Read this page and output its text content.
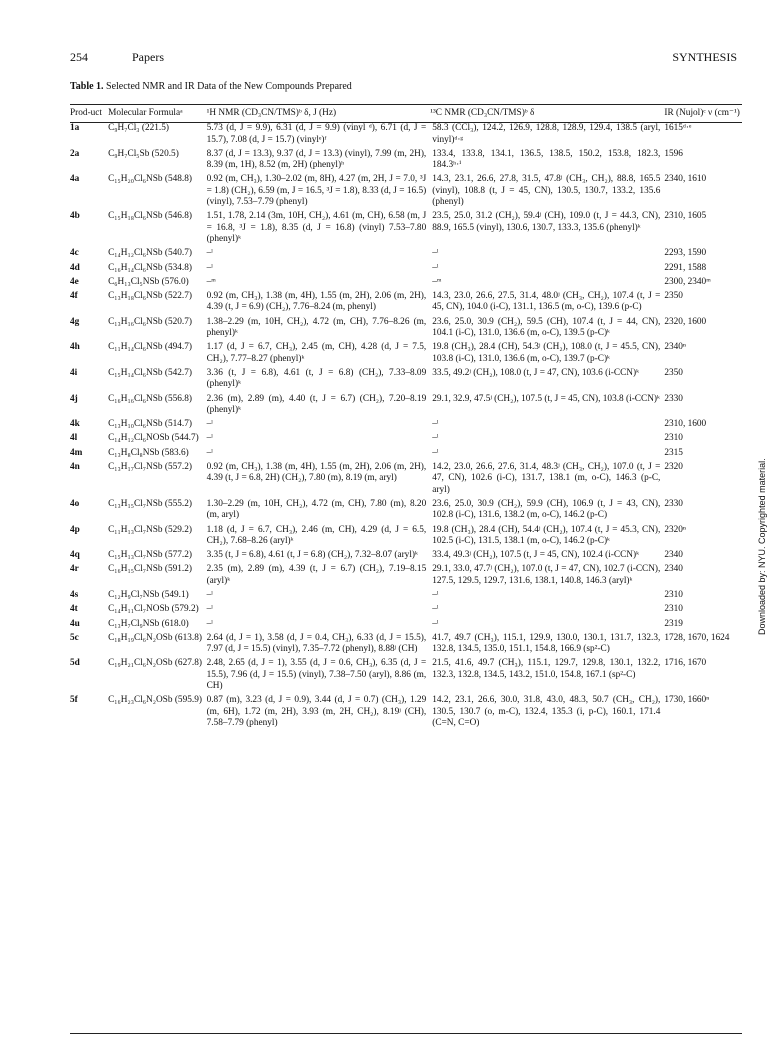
254	Papers	SYNTHESIS
Table 1. Selected NMR and IR Data of the New Compounds Prepared
Prod-uct	Molecular Formulaᵃ	¹H NMR (CD₃CN/TMS)ᵇ δ, J (Hz)	¹³C NMR (CD₃CN/TMS)ᵇ δ	IR (Nujol)ᶜ ν (cm⁻¹)
1a	C₉H₇Cl₃ (221.5)	5.73 (d, J = 9.9), 6.31 (d, J = 9.9) (vinyl ᵈ), 6.71 (d, J = 15.7), 7.08 (d, J = 15.7) (vinylᵉ)ᶠ	58.3 (CCl₃), 124.2, 126.9, 128.8, 128.9, 129.4, 138.5 (aryl, vinyl)ᵈ·ᵍ	1615ᵈ·ᵉ
2a	C₉H₇Cl₅Sb (520.5)	8.37 (d, J = 13.3), 9.37 (d, J = 13.3) (vinyl), 7.99 (m, 2H), 8.39 (m, 1H), 8.52 (m, 2H) (phenyl)ʰ	133.4, 133.8, 134.1, 136.5, 138.5, 150.2, 153.8, 182.3, 184.3ʰ·ⁱ	1596
4a	C₁₅H₂₀Cl₆NSb (548.8)	0.92 (m, CH₃), 1.30–2.02 (m, 8H), 4.27 (m, 2H, J = 7.0, ³J = 1.8) (CH₂), 6.59 (m, J = 16.5, ³J = 1.8), 8.33 (d, J = 16.5)(vinyl), 7.53–7.79 (phenyl)	14.3, 23.1, 26.6, 27.8, 31.5, 47.8ʲ (CH₃, CH₂), 88.8, 165.5 (vinyl), 108.8 (t, J = 45, CN), 130.5, 130.7, 133.2, 135.6 (phenyl)	2340, 1610
4b	C₁₅H₁₈Cl₆NSb (546.8)	1.51, 1.78, 2.14 (3m, 10H, CH₂), 4.61 (m, CH), 6.58 (m, J = 16.8, ³J = 1.8), 8.35 (d, J = 16.8) (vinyl) 7.53–7.80 (phenyl)ᵏ	23.5, 25.0, 31.2 (CH₂), 59.4ʲ (CH), 109.0 (t, J = 44.3, CN), 88.9, 165.5 (vinyl), 130.6, 130.7, 133.3, 135.6 (phenyl)ᵏ	2310, 1605
4c	C₁₄H₁₂Cl₆NSb (540.7)	–ˡ	–ˡ	2293, 1590
4d	C₁₆H₁₄Cl₆NSb (534.8)	–ˡ	–ˡ	2291, 1588
4e	C₆H₁₃Cl₅NSb (576.0)	–ᵐ	–ᵐ	2300, 2340ᵐ
4f	C₁₃H₁₈Cl₆NSb (522.7)	0.92 (m, CH₃), 1.38 (m, 4H), 1.55 (m, 2H), 2.06 (m, 2H), 4.39 (t, J = 6.9) (CH₂), 7.76–8.24 (m, phenyl)	14.3, 23.0, 26.6, 27.5, 31.4, 48.0ʲ (CH₃, CH₂), 107.4 (t, J = 45, CN), 104.0 (i-C), 131.1, 136.5 (m, o-C), 139.6 (p-C)	2350
4g	C₁₃H₁₆Cl₆NSb (520.7)	1.38–2.29 (m, 10H, CH₂), 4.72 (m, CH), 7.76–8.26 (m, phenyl)ᵏ	23.6, 25.0, 30.9 (CH₂), 59.5 (CH), 107.4 (t, J = 44, CN), 104.1 (i-C), 131.0, 136.6 (m, o-C), 139.5 (p-C)ᵏ	2320, 1600
4h	C₁₁H₁₄Cl₆NSb (494.7)	1.17 (d, J = 6.7, CH₃), 2.45 (m, CH), 4.28 (d, J = 7.5, CH₂), 7.77–8.27 (phenyl)ᵏ	19.8 (CH₃), 28.4 (CH), 54.3ʲ (CH₂), 108.0 (t, J = 45.5, CN), 103.8 (i-C), 131.0, 136.6 (m, o-C), 139.7 (p-C)ᵏ	2340ⁿ
4i	C₁₅H₁₄Cl₆NSb (542.7)	3.36 (t, J = 6.8), 4.61 (t, J = 6.8) (CH₂), 7.33–8.09 (phenyl)ᵏ	33.5, 49.2ʲ (CH₂), 108.0 (t, J = 47, CN), 103.6 (i-CCN)ᵏ	2350
4j	C₁₆H₁₆Cl₆NSb (556.8)	2.36 (m), 2.89 (m), 4.40 (t, J = 6.7) (CH₂), 7.20–8.19 (phenyl)ᵏ	29.1, 32.9, 47.5ʲ (CH₂), 107.5 (t, J = 45, CN), 103.8 (i-CCN)ᵏ	2330
4k	C₁₃H₁₀Cl₆NSb (514.7)	–ˡ	–ˡ	2310, 1600
4l	C₁₄H₁₂Cl₆NOSb (544.7)	–ˡ	–ˡ	2310
4m	C₁₃H₈Cl₈NSb (583.6)	–ˡ	–ˡ	2315
4n	C₁₃H₁₇Cl₇NSb (557.2)	0.92 (m, CH₃), 1.38 (m, 4H), 1.55 (m, 2H), 2.06 (m, 2H), 4.39 (t, J = 6.8, 2H) (CH₂), 7.80 (m), 8.19 (m, aryl)	14.2, 23.0, 26.6, 27.6, 31.4, 48.3ʲ (CH₃, CH₂), 107.0 (t, J = 47, CN), 102.6 (i-C), 131.7, 138.1 (m, o-C), 146.3 (p-C, aryl)	2320
4o	C₁₃H₁₅Cl₇NSb (555.2)	1.30–2.29 (m, 10H, CH₂), 4.72 (m, CH), 7.80 (m), 8.20 (m, aryl)	23.6, 25.0, 30.9 (CH₂), 59.9 (CH), 106.9 (t, J = 43, CN), 102.8 (i-C), 131.6, 138.2 (m, o-C), 146.2 (p-C)	2330
4p	C₁₁H₁₃Cl₇NSb (529.2)	1.18 (d, J = 6.7, CH₃), 2.46 (m, CH), 4.29 (d, J = 6.5, CH₂), 7.68–8.26 (aryl)ᵏ	19.8 (CH₃), 28.4 (CH), 54.4ʲ (CH₂), 107.4 (t, J = 45.3, CN), 102.5 (i-C), 131.5, 138.1 (m, o-C), 146.2 (p-C)ᵏ	2320ⁿ
4q	C₁₅H₁₃Cl₇NSb (577.2)	3.35 (t, J = 6.8), 4.61 (t, J = 6.8) (CH₂), 7.32–8.07 (aryl)ᵏ	33.4, 49.3ʲ (CH₂), 107.5 (t, J = 45, CN), 102.4 (i-CCN)ᵏ	2340
4r	C₁₆H₁₅Cl₇NSb (591.2)	2.35 (m), 2.89 (m), 4.39 (t, J = 6.7) (CH₂), 7.19–8.15 (aryl)ᵏ	29.1, 33.0, 47.7ʲ (CH₂), 107.0 (t, J = 47, CN), 102.7 (i-CCN), 127.5, 129.5, 129.7, 131.6, 138.1, 140.8, 146.3 (aryl)ᵏ	2340
4s	C₁₂H₉Cl₇NSb (549.1)	–ˡ	–ˡ	2310
4t	C₁₄H₁₁Cl₇NOSb (579.2)	–ˡ	–ˡ	2310
4u	C₁₃H₇Cl₉NSb (618.0)	–ˡ	–ˡ	2319
5c	C₁₈H₁₉Cl₆N₂OSb (613.8)	2.64 (d, J = 1), 3.58 (d, J = 0.4, CH₃), 6.33 (d, J = 15.5), 7.97 (d, J = 15.5) (vinyl), 7.35–7.72 (phenyl), 8.88ʲ (CH)	41.7, 49.7 (CH₃), 115.1, 129.9, 130.0, 130.1, 131.7, 132.3, 132.8, 134.5, 135.0, 151.1, 154.8, 166.9 (sp²-C)	1728, 1670, 1624
5d	C₁₉H₂₁Cl₆N₂OSb (627.8)	2.48, 2.65 (d, J = 1), 3.55 (d, J = 0.6, CH₃), 6.35 (d, J = 15.5), 7.96 (d, J = 15.5) (vinyl), 7.38–7.50 (aryl), 8.86 (m, CH)	21.5, 41.6, 49.7 (CH₃), 115.1, 129.7, 129.8, 130.1, 132.2, 132.3, 132.8, 134.5, 143.2, 151.0, 154.8, 167.1 (sp²-C)	1716, 1670
5f	C₁₆H₂₃Cl₆N₂OSb (595.9)	0.87 (m), 3.23 (d, J = 0.9), 3.44 (d, J = 0.7) (CH₃), 1.29 (m, 6H), 1.72 (m, 2H), 3.93 (m, 2H, CH₂), 8.19ʲ (CH), 7.58–7.79 (phenyl)	14.2, 23.1, 26.6, 30.0, 31.8, 43.0, 48.3, 50.7 (CH₃, CH₂), 130.5, 130.7 (o, m-C), 132.4, 135.3 (i, p-C), 160.1, 171.4 (C=N, C=O)	1730, 1660ⁿ
Downloaded by: NYU. Copyrighted material.
